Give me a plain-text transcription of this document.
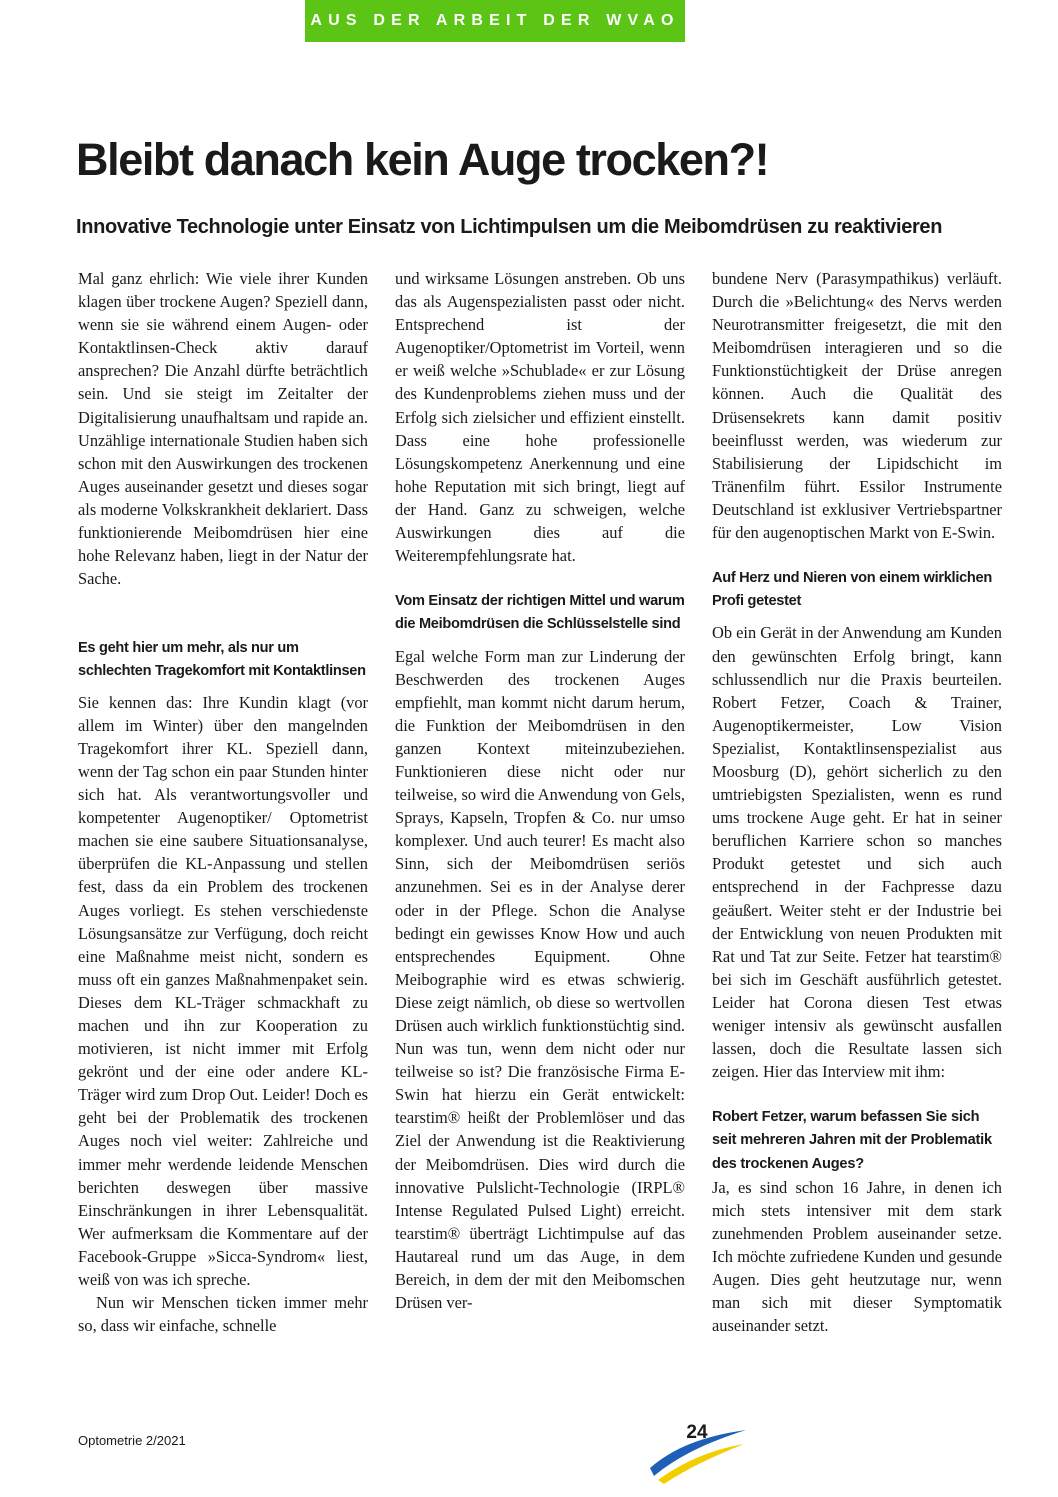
AUS DER ARBEIT DER WVAO
Bleibt danach kein Auge trocken?!
Innovative Technologie unter Einsatz von Lichtimpulsen um die Meibomdrüsen zu reaktivieren

Mal ganz ehrlich: Wie viele ihrer Kunden klagen über trockene Augen? Speziell dann, wenn sie sie während einem Augen- oder Kontaktlinsen-Check aktiv darauf ansprechen? Die Anzahl dürfte beträchtlich sein. Und sie steigt im Zeitalter der Digitalisierung unaufhaltsam und rapide an. Unzählige internationale Studien haben sich schon mit den Auswirkungen des trockenen Auges auseinander gesetzt und dieses sogar als moderne Volkskrankheit deklariert. Dass funktionierende Meibomdrüsen hier eine hohe Relevanz haben, liegt in der Natur der Sache.

Es geht hier um mehr, als nur um schlechten Tragekomfort mit Kontaktlinsen

Sie kennen das: Ihre Kundin klagt (vor allem im Winter) über den mangelnden Tragekomfort ihrer KL. Speziell dann, wenn der Tag schon ein paar Stunden hinter sich hat. Als verantwortungsvoller und kompetenter Augenoptiker/ Optometrist machen sie eine saubere Situationsanalyse, überprüfen die KL-Anpassung und stellen fest, dass da ein Problem des trockenen Auges vorliegt. Es stehen verschiedenste Lösungsansätze zur Verfügung, doch reicht eine Maßnahme meist nicht, sondern es muss oft ein ganzes Maßnahmenpaket sein. Dieses dem KL-Träger schmackhaft zu machen und ihn zur Kooperation zu motivieren, ist nicht immer mit Erfolg gekrönt und der eine oder andere KL-Träger wird zum Drop Out. Leider! Doch es geht bei der Problematik des trockenen Auges noch viel weiter: Zahlreiche und immer mehr werdende leidende Menschen berichten deswegen über massive Einschränkungen in ihrer Lebensqualität. Wer aufmerksam die Kommentare auf der Facebook-Gruppe »Sicca-Syndrom« liest, weiß von was ich spreche.

Nun wir Menschen ticken immer mehr so, dass wir einfache, schnelle

und wirksame Lösungen anstreben. Ob uns das als Augenspezialisten passt oder nicht. Entsprechend ist der Augenoptiker/Optometrist im Vorteil, wenn er weiß welche »Schublade« er zur Lösung des Kundenproblems ziehen muss und der Erfolg sich zielsicher und effizient einstellt. Dass eine hohe professionelle Lösungskompetenz Anerkennung und eine hohe Reputation mit sich bringt, liegt auf der Hand. Ganz zu schweigen, welche Auswirkungen dies auf die Weiterempfehlungsrate hat.

Vom Einsatz der richtigen Mittel und warum die Meibomdrüsen die Schlüsselstelle sind

Egal welche Form man zur Linderung der Beschwerden des trockenen Auges empfiehlt, man kommt nicht darum herum, die Funktion der Meibomdrüsen in den ganzen Kontext miteinzubeziehen. Funktionieren diese nicht oder nur teilweise, so wird die Anwendung von Gels, Sprays, Kapseln, Tropfen & Co. nur umso komplexer. Und auch teurer! Es macht also Sinn, sich der Meibomdrüsen seriös anzunehmen. Sei es in der Analyse derer oder in der Pflege. Schon die Analyse bedingt ein gewisses Know How und auch entsprechendes Equipment. Ohne Meibographie wird es etwas schwierig. Diese zeigt nämlich, ob diese so wertvollen Drüsen auch wirklich funktionstüchtig sind. Nun was tun, wenn dem nicht oder nur teilweise so ist? Die französische Firma E-Swin hat hierzu ein Gerät entwickelt: tearstim® heißt der Problemlöser und das Ziel der Anwendung ist die Reaktivierung der Meibomdrüsen. Dies wird durch die innovative Pulslicht-Technologie (IRPL® Intense Regulated Pulsed Light) erreicht. tearstim® überträgt Lichtimpulse auf das Hautareal rund um das Auge, in dem Bereich, in dem der mit den Meibomschen Drüsen ver-

bundene Nerv (Parasympathikus) verläuft. Durch die »Belichtung« des Nervs werden Neurotransmitter freigesetzt, die mit den Meibomdrüsen interagieren und so die Funktionstüchtigkeit der Drüse anregen können. Auch die Qualität des Drüsensekrets kann damit positiv beeinflusst werden, was wiederum zur Stabilisierung der Lipidschicht im Tränenfilm führt. Essilor Instrumente Deutschland ist exklusiver Vertriebspartner für den augenoptischen Markt von E-Swin.

Auf Herz und Nieren von einem wirklichen Profi getestet

Ob ein Gerät in der Anwendung am Kunden den gewünschten Erfolg bringt, kann schlussendlich nur die Praxis beurteilen. Robert Fetzer, Coach & Trainer, Augenoptikermeister, Low Vision Spezialist, Kontaktlinsenspezialist aus Moosburg (D), gehört sicherlich zu den umtriebigsten Spezialisten, wenn es rund ums trockene Auge geht. Er hat in seiner beruflichen Karriere schon so manches Produkt getestet und sich auch entsprechend in der Fachpresse dazu geäußert. Weiter steht er der Industrie bei der Entwicklung von neuen Produkten mit Rat und Tat zur Seite. Fetzer hat tearstim® bei sich im Geschäft ausführlich getestet. Leider hat Corona diesen Test etwas weniger intensiv als gewünscht ausfallen lassen, doch die Resultate lassen sich zeigen. Hier das Interview mit ihm:

Robert Fetzer, warum befassen Sie sich seit mehreren Jahren mit der Problematik des trockenen Auges?

Ja, es sind schon 16 Jahre, in denen ich mich stets intensiver mit dem stark zunehmenden Problem auseinander setze. Ich möchte zufriedene Kunden und gesunde Augen. Dies geht heutzutage nur, wenn man sich mit dieser Symptomatik auseinander setzt.

Optometrie 2/2021	24
